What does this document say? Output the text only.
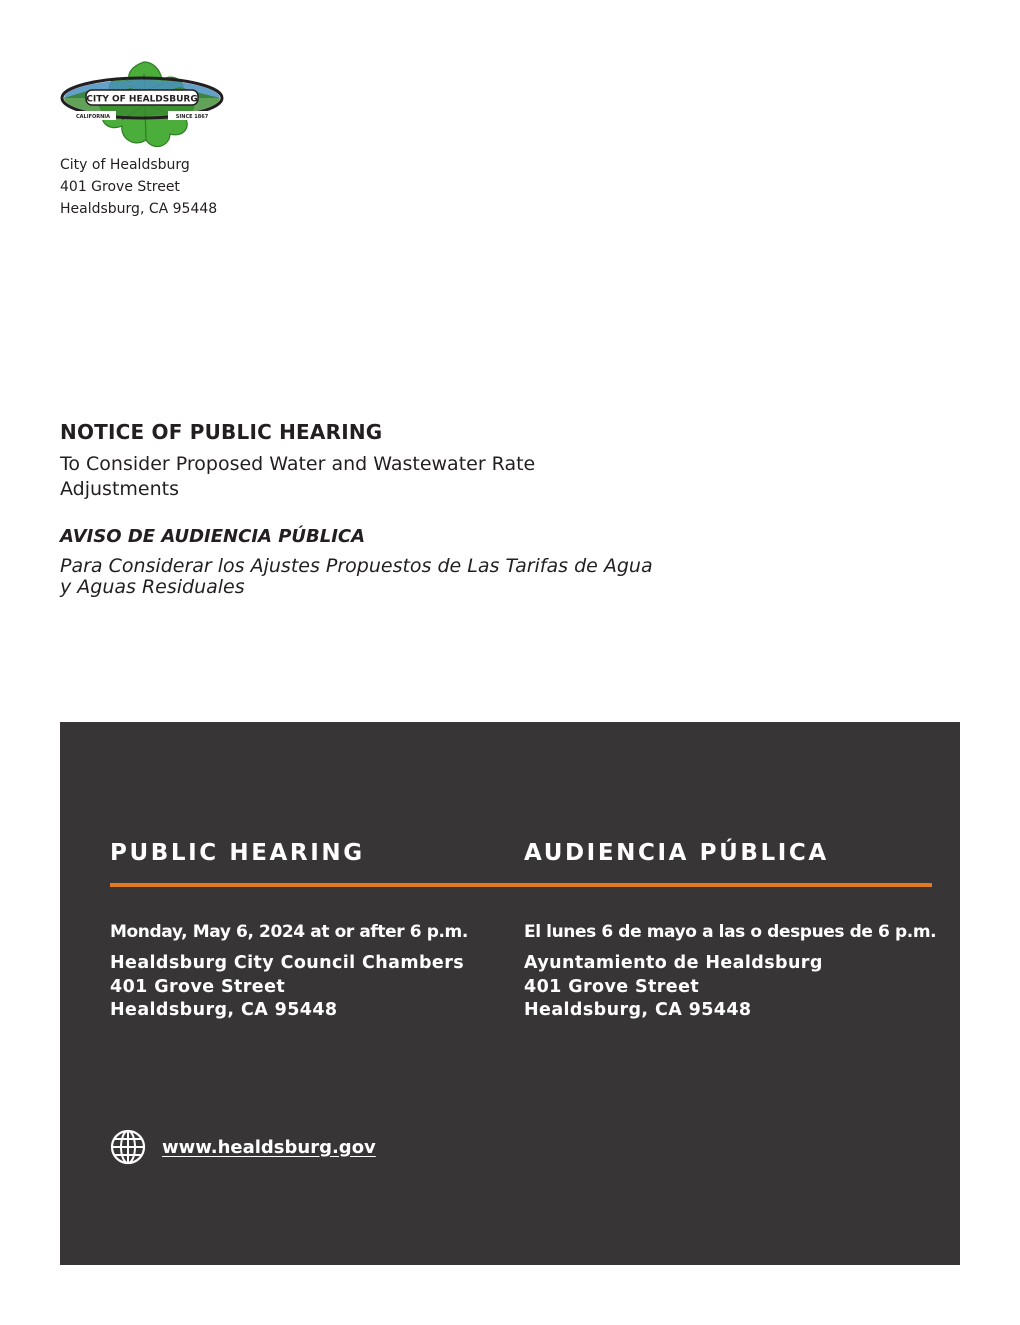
CITY OF HEALDSBURG
CALIFORNIA	SINCE 1867
City of Healdsburg
401 Grove Street
Healdsburg, CA 95448
NOTICE OF PUBLIC HEARING
To Consider Proposed Water and Wastewater Rate Adjustments
AVISO DE AUDIENCIA PÚBLICA
Para Considerar los Ajustes Propuestos de Las Tarifas de Agua y Aguas Residuales
PUBLIC HEARING	AUDIENCIA PÚBLICA
Monday, May 6, 2024 at or after 6 p.m.
Healdsburg City Council Chambers
401 Grove Street
Healdsburg, CA 95448
El lunes 6 de mayo a las o despues de 6 p.m.
Ayuntamiento de Healdsburg
401 Grove Street
Healdsburg, CA 95448
www.healdsburg.gov
